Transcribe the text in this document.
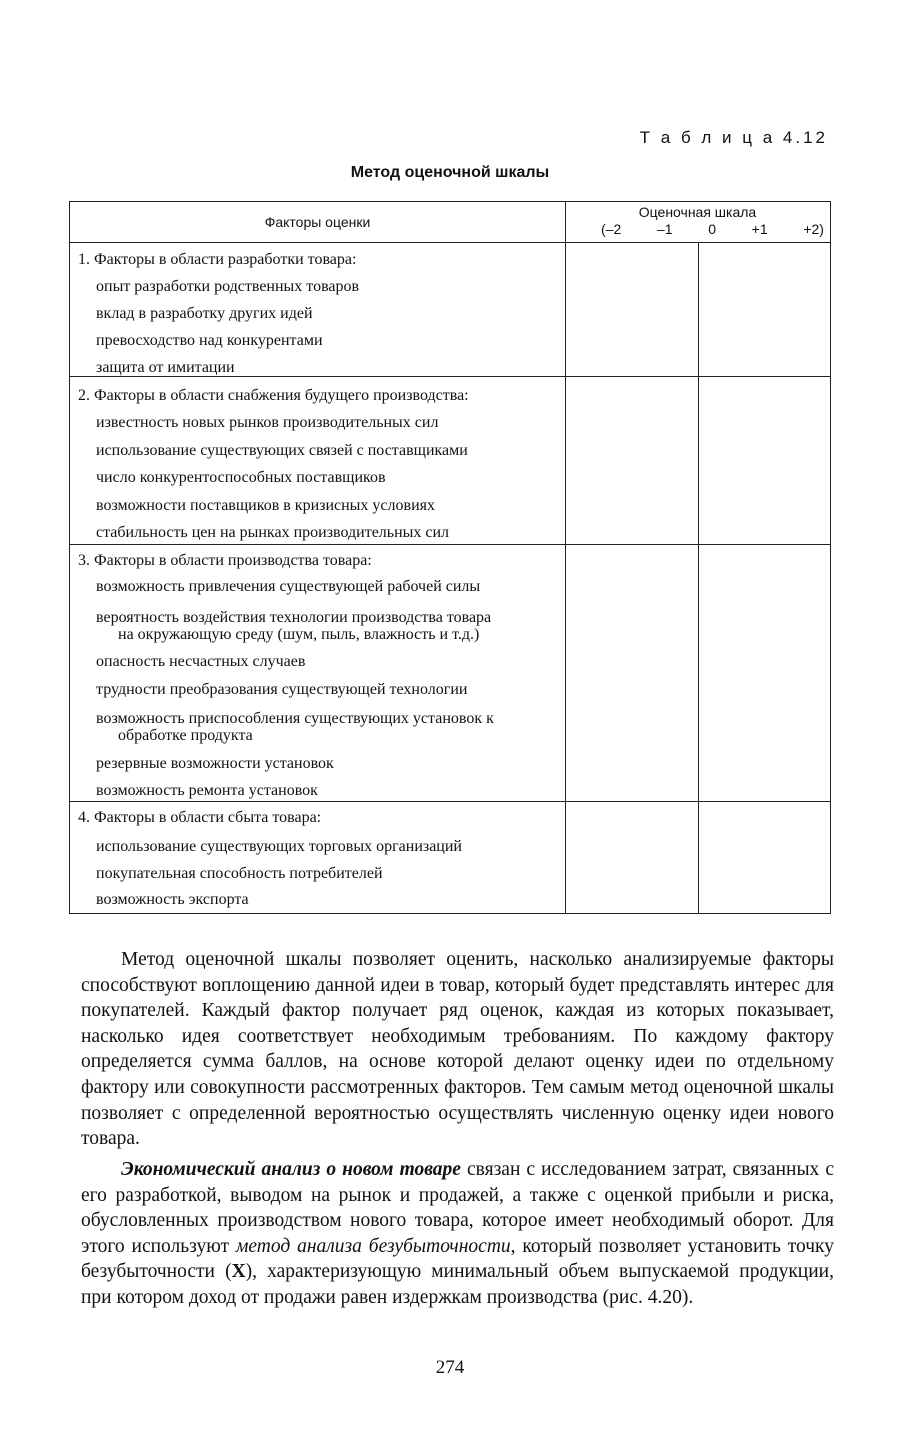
Т а б л и ц а 4.12
Метод оценочной шкалы
Факторы оценки
Оценочная шкала
(–2	–1	0	+1	+2)
1. Факторы в области разработки товара:
опыт разработки родственных товаров
вклад в разработку других идей
превосходство над конкурентами
защита от имитации
2. Факторы в области снабжения будущего производства:
известность новых рынков производительных сил
использование существующих связей с поставщиками
число конкурентоспособных поставщиков
возможности поставщиков в кризисных условиях
стабильность цен на рынках производительных сил
3. Факторы в области производства товара:
возможность привлечения существующей рабочей силы
вероятность воздействия технологии производства товара
на окружающую среду (шум, пыль, влажность и т.д.)
опасность несчастных случаев
трудности преобразования существующей технологии
возможность приспособления существующих установок к
обработке продукта
резервные возможности установок
возможность ремонта установок
4. Факторы в области сбыта товара:
использование существующих торговых организаций
покупательная способность потребителей
возможность экспорта

Метод оценочной шкалы позволяет оценить, насколько анализируемые факторы способствуют воплощению данной идеи в товар, который будет представлять интерес для покупателей. Каждый фактор получает ряд оценок, каждая из которых показывает, насколько идея соответствует необходимым требованиям. По каждому фактору определяется сумма баллов, на основе которой делают оценку идеи по отдельному фактору или совокупности рассмотренных факторов. Тем самым метод оценочной шкалы позволяет с определенной вероятностью осуществлять численную оценку идеи нового товара.

Экономический анализ о новом товаре связан с исследованием затрат, связанных с его разработкой, выводом на рынок и продажей, а также с оценкой прибыли и риска, обусловленных производством нового товара, которое имеет необходимый оборот. Для этого используют метод анализа безубыточности, который позволяет установить точку безубыточности (X), характеризующую минимальный объем выпускаемой продукции, при котором доход от продажи равен издержкам производства (рис. 4.20).

274
